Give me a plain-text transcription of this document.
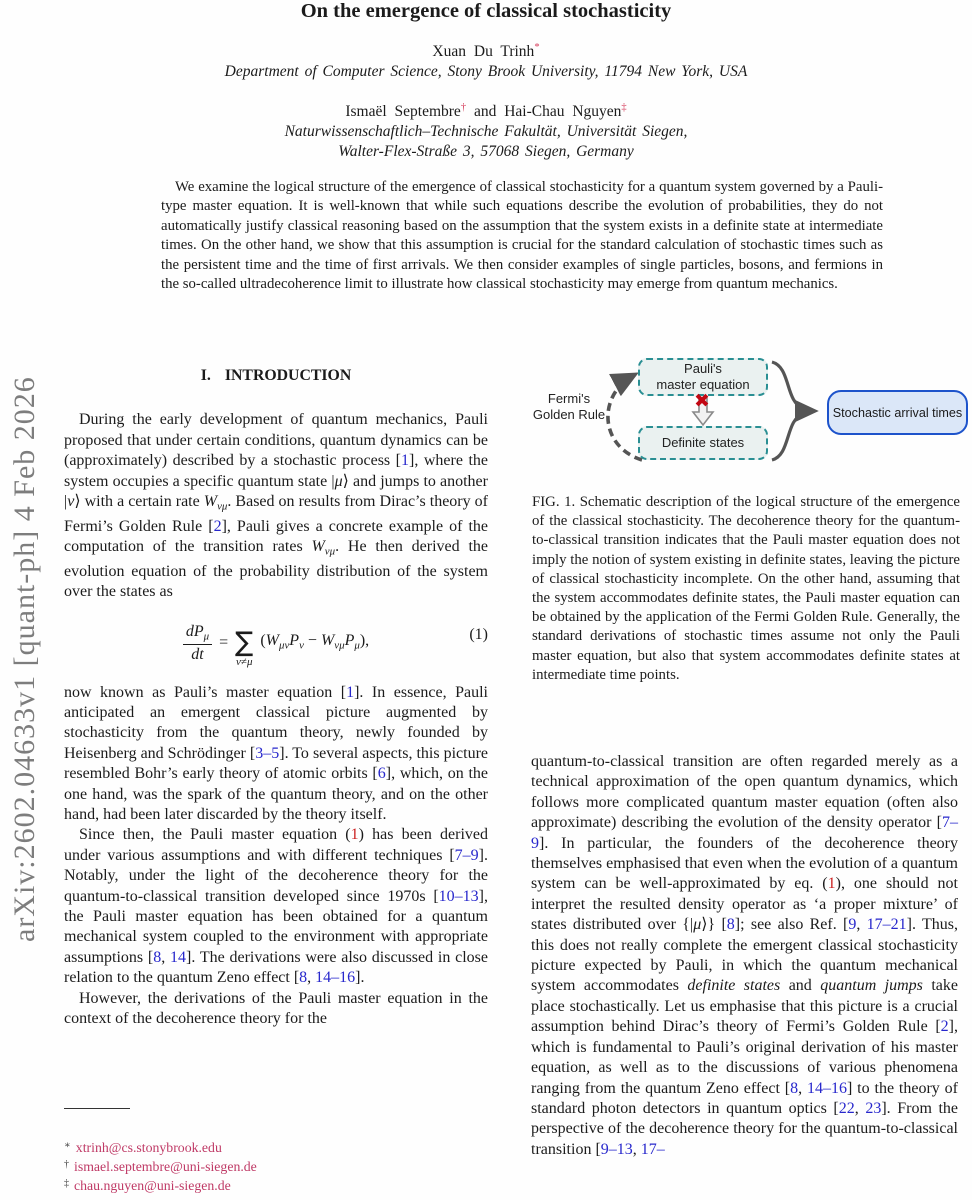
arXiv:2602.04633v1 [quant-ph] 4 Feb 2026
On the emergence of classical stochasticity
Xuan Du Trinh*
Department of Computer Science, Stony Brook University, 11794 New York, USA
Ismaël Septembre† and Hai-Chau Nguyen‡
Naturwissenschaftlich–Technische Fakultät, Universität Siegen,
Walter-Flex-Straße 3, 57068 Siegen, Germany
We examine the logical structure of the emergence of classical stochasticity for a quantum system governed by a Pauli-type master equation. It is well-known that while such equations describe the evolution of probabilities, they do not automatically justify classical reasoning based on the assumption that the system exists in a definite state at intermediate times. On the other hand, we show that this assumption is crucial for the standard calculation of stochastic times such as the persistent time and the time of first arrivals. We then consider examples of single particles, bosons, and fermions in the so-called ultradecoherence limit to illustrate how classical stochasticity may emerge from quantum mechanics.
I. INTRODUCTION

During the early development of quantum mechanics, Pauli proposed that under certain conditions, quantum dynamics can be (approximately) described by a stochastic process [1], where the system occupies a specific quantum state |μ⟩ and jumps to another |ν⟩ with a certain rate $W_{\nu\mu}$. Based on results from Dirac’s theory of Fermi’s Golden Rule [2], Pauli gives a concrete example of the computation of the transition rates $W_{\nu\mu}$. He then derived the evolution equation of the probability distribution of the system over the states as

$\frac{dP_\mu}{dt}$ = ∑
ν≠μ
$(W_{\mu\nu}P_\nu - W_{\nu\mu}P_\mu)$,	(1)

now known as Pauli’s master equation [1]. In essence, Pauli anticipated an emergent classical picture augmented by stochasticity from the quantum theory, newly founded by Heisenberg and Schrödinger [3–5]. To several aspects, this picture resembled Bohr’s early theory of atomic orbits [6], which, on the one hand, was the spark of the quantum theory, and on the other hand, had been later discarded by the theory itself.

Since then, the Pauli master equation (1) has been derived under various assumptions and with different techniques [7–9]. Notably, under the light of the decoherence theory for the quantum-to-classical transition developed since 1970s [10–13], the Pauli master equation has been obtained for a quantum mechanical system coupled to the environment with appropriate assumptions [8, 14]. The derivations were also discussed in close relation to the quantum Zeno effect [8, 14–16].

However, the derivations of the Pauli master equation in the context of the decoherence theory for the

Fermi's
Golden Rule
Pauli's
master equation
Definite states
✖
Stochastic arrival times
FIG. 1. Schematic description of the logical structure of the emergence of the classical stochasticity. The decoherence theory for the quantum-to-classical transition indicates that the Pauli master equation does not imply the notion of system existing in definite states, leaving the picture of classical stochasticity incomplete. On the other hand, assuming that the system accommodates definite states, the Pauli master equation can be obtained by the application of the Fermi Golden Rule. Generally, the standard derivations of stochastic times assume not only the Pauli master equation, but also that system accommodates definite states at intermediate time points.

quantum-to-classical transition are often regarded merely as a technical approximation of the open quantum dynamics, which follows more complicated quantum master equation (often also approximate) describing the evolution of the density operator [7–9]. In particular, the founders of the decoherence theory themselves emphasised that even when the evolution of a quantum system can be well-approximated by eq. (1), one should not interpret the resulted density operator as ‘a proper mixture’ of states distributed over {|μ⟩} [8]; see also Ref. [9, 17–21]. Thus, this does not really complete the emergent classical stochasticity picture expected by Pauli, in which the quantum mechanical system accommodates definite states and quantum jumps take place stochastically. Let us emphasise that this picture is a crucial assumption behind Dirac’s theory of Fermi’s Golden Rule [2], which is fundamental to Pauli’s original derivation of his master equation, as well as to the discussions of various phenomena ranging from the quantum Zeno effect [8, 14–16] to the theory of standard photon detectors in quantum optics [22, 23]. From the perspective of the decoherence theory for the quantum-to-classical transition [9–13, 17–

∗ xtrinh@cs.stonybrook.edu
† ismael.septembre@uni-siegen.de
‡ chau.nguyen@uni-siegen.de
